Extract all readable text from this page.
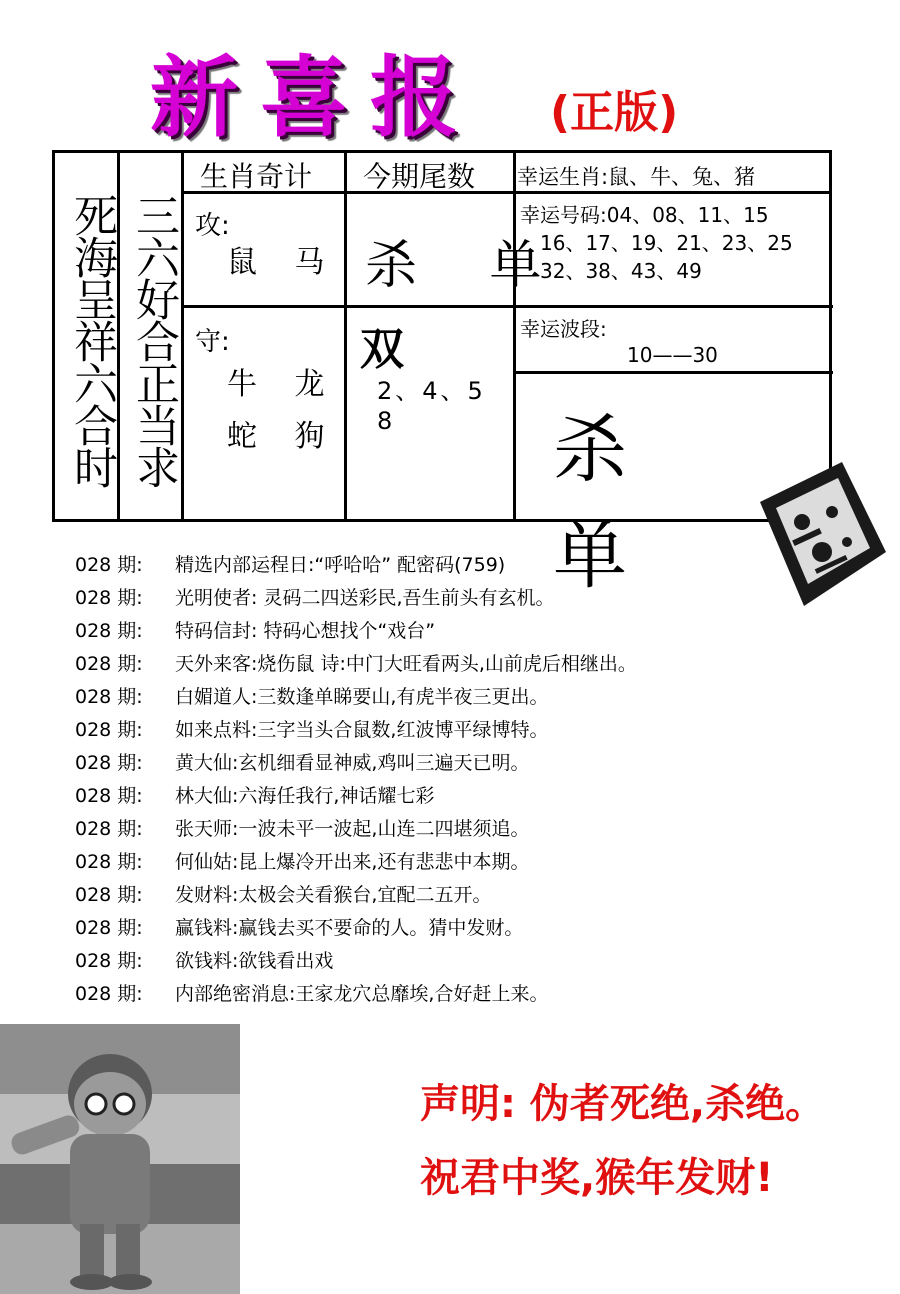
新喜报 (正版)
死海呈祥六合时 三六好合正当求
生肖奇计 今期尾数 幸运生肖:鼠、牛、兔、猪
攻:
鼠 马 杀 单
幸运号码:04、08、11、15
16、17、19、21、23、25
32、38、43、49
守:
牛 龙
蛇 狗
双
2、4、5
8
幸运波段:
10——30
杀 单
028 期: 精选内部运程日:“呼哈哈” 配密码(759)
028 期: 光明使者: 灵码二四送彩民,吾生前头有玄机。
028 期: 特码信封: 特码心想找个“戏台”
028 期: 天外来客:烧伤鼠 诗:中门大旺看两头,山前虎后相继出。
028 期: 白媚道人:三数逢单睇要山,有虎半夜三更出。
028 期: 如来点料:三字当头合鼠数,红波博平绿博特。
028 期: 黄大仙:玄机细看显神威,鸡叫三遍天已明。
028 期: 林大仙:六海任我行,神话耀七彩
028 期: 张天师:一波未平一波起,山连二四堪须追。
028 期: 何仙姑:昆上爆冷开出来,还有悲悲中本期。
028 期: 发财料:太极会关看猴台,宜配二五开。
028 期: 赢钱料:赢钱去买不要命的人。猜中发财。
028 期: 欲钱料:欲钱看出戏
028 期: 内部绝密消息:王家龙穴总靡埃,合好赶上来。
声明: 伪者死绝,杀绝。
祝君中奖,猴年发财!
